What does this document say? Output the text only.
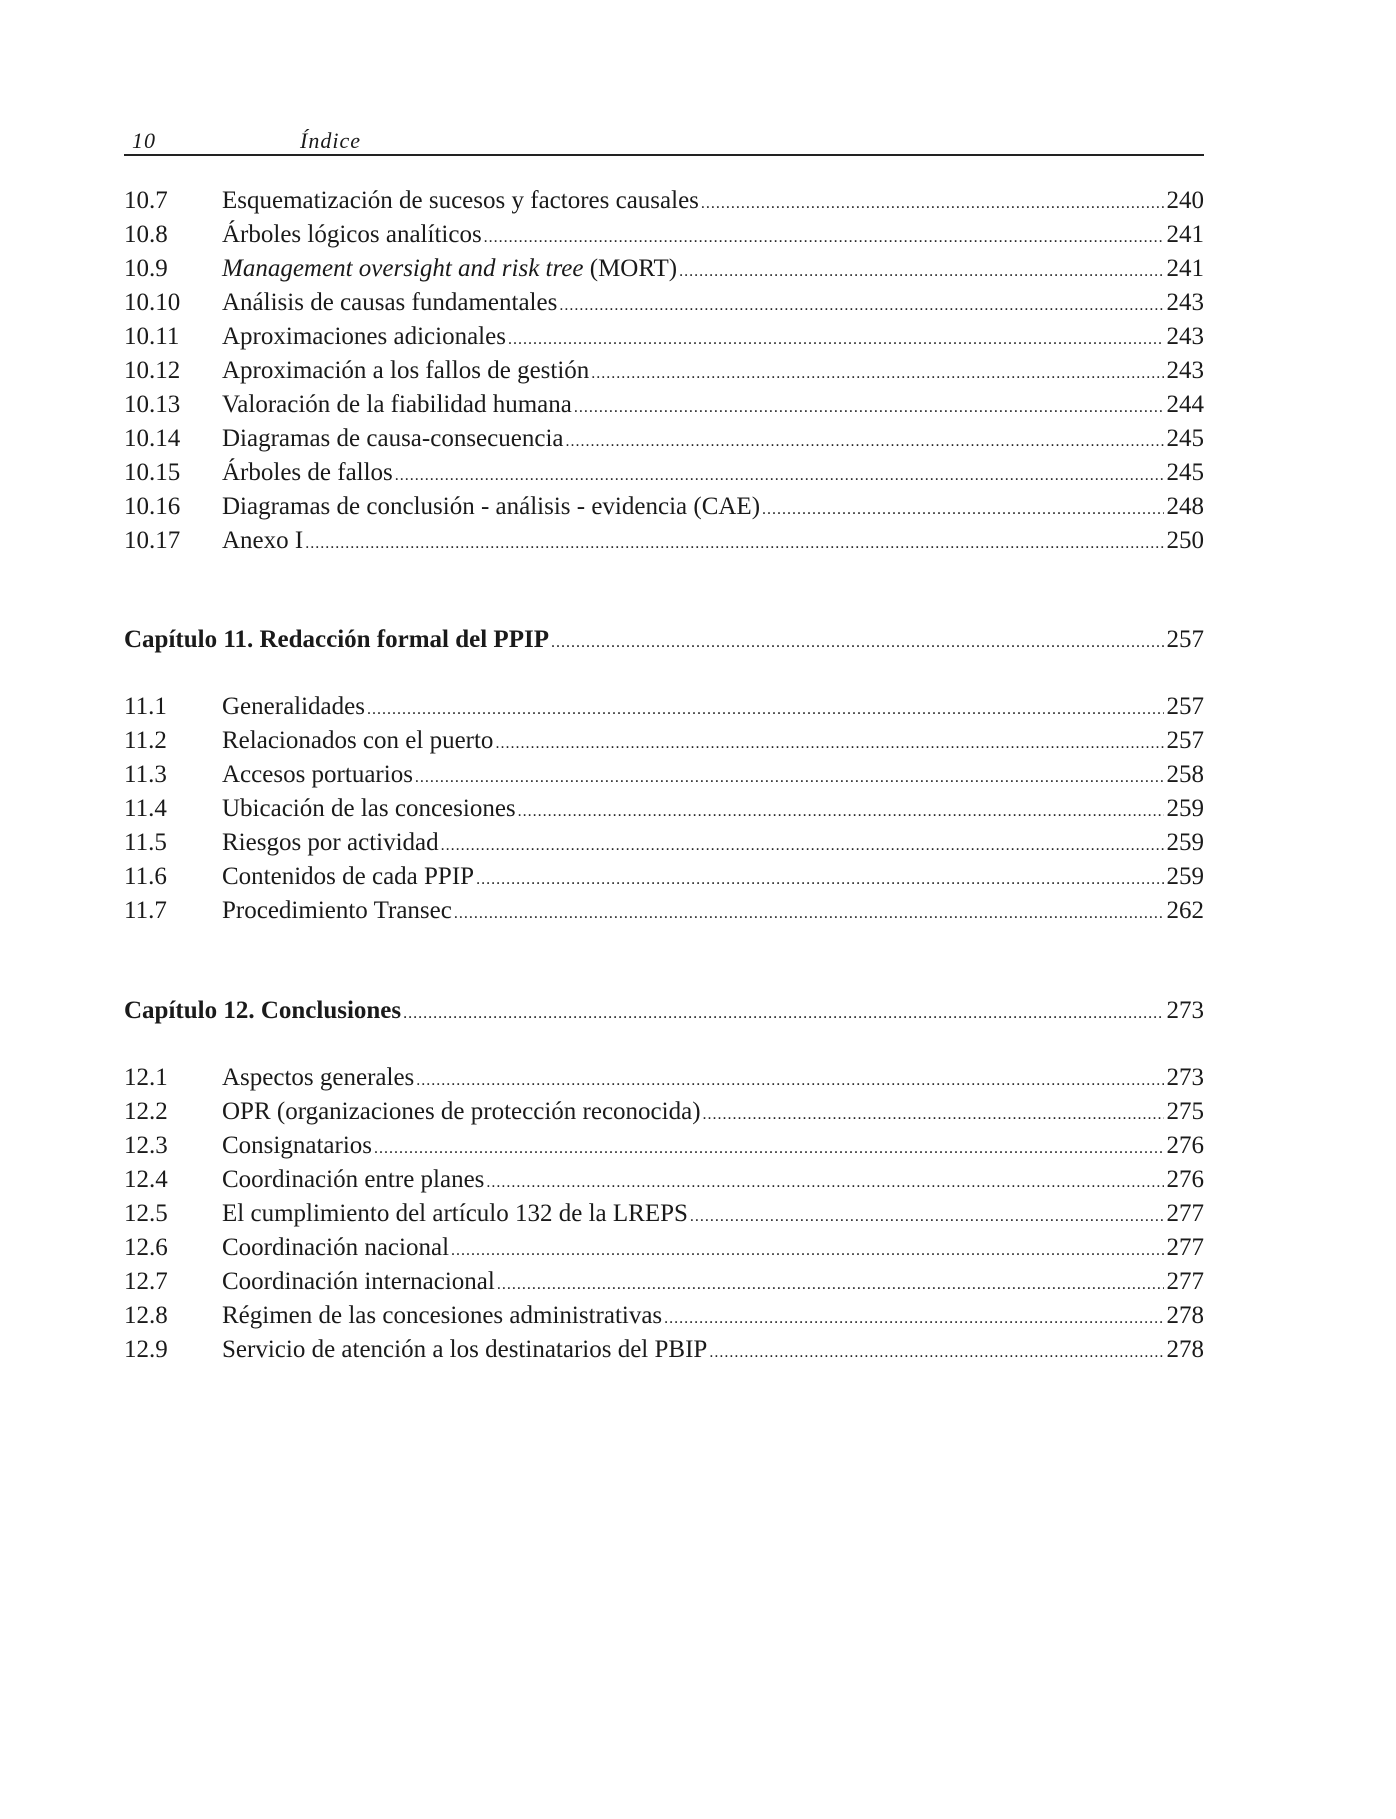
10	Índice
10.7	Esquematización de sucesos y factores causales .....	240
10.8	Árboles lógicos analíticos .....	241
10.9	Management oversight and risk tree (MORT) .....	241
10.10	Análisis de causas fundamentales .....	243
10.11	Aproximaciones adicionales .....	243
10.12	Aproximación a los fallos de gestión .....	243
10.13	Valoración de la fiabilidad humana .....	244
10.14	Diagramas de causa-consecuencia .....	245
10.15	Árboles de fallos .....	245
10.16	Diagramas de conclusión - análisis - evidencia (CAE) .....	248
10.17	Anexo I .....	250
Capítulo 11. Redacción formal del PPIP .....	257
11.1	Generalidades .....	257
11.2	Relacionados con el puerto .....	257
11.3	Accesos portuarios .....	258
11.4	Ubicación de las concesiones .....	259
11.5	Riesgos por actividad .....	259
11.6	Contenidos de cada PPIP .....	259
11.7	Procedimiento Transec .....	262
Capítulo 12. Conclusiones .....	273
12.1	Aspectos generales .....	273
12.2	OPR (organizaciones de protección reconocida) .....	275
12.3	Consignatarios .....	276
12.4	Coordinación entre planes .....	276
12.5	El cumplimiento del artículo 132 de la LREPS .....	277
12.6	Coordinación nacional .....	277
12.7	Coordinación internacional .....	277
12.8	Régimen de las concesiones administrativas .....	278
12.9	Servicio de atención a los destinatarios del PBIP .....	278
